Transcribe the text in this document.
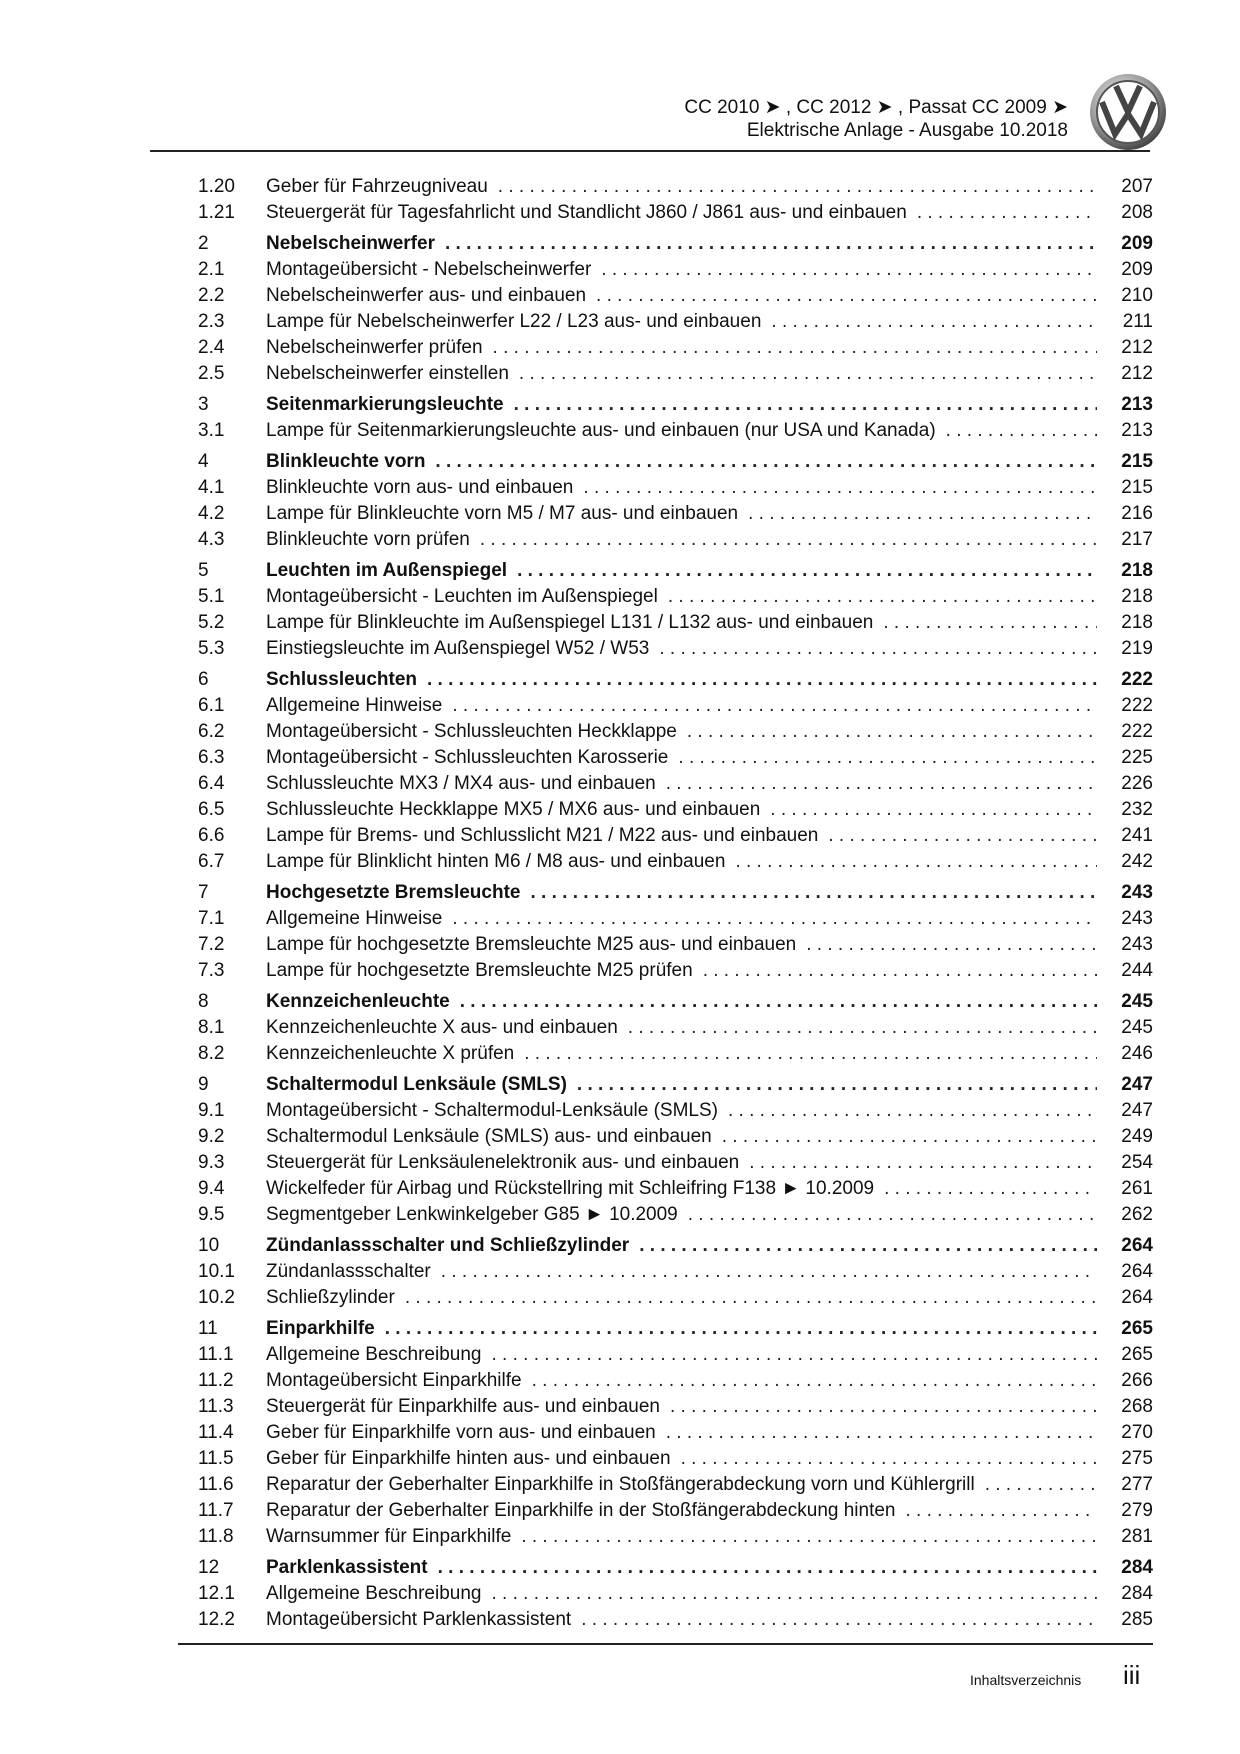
CC 2010 ➤ , CC 2012 ➤ , Passat CC 2009 ➤
Elektrische Anlage - Ausgabe 10.2018
1.20	Geber für Fahrzeugniveau . . .	207
1.21	Steuergerät für Tagesfahrlicht und Standlicht J860 / J861 aus- und einbauen . . .	208
2	Nebelscheinwerfer . . .	209
2.1	Montageübersicht - Nebelscheinwerfer . . .	209
2.2	Nebelscheinwerfer aus- und einbauen . . .	210
2.3	Lampe für Nebelscheinwerfer L22 / L23 aus- und einbauen . . .	211
2.4	Nebelscheinwerfer prüfen . . .	212
2.5	Nebelscheinwerfer einstellen . . .	212
3	Seitenmarkierungsleuchte . . .	213
3.1	Lampe für Seitenmarkierungsleuchte aus- und einbauen (nur USA und Kanada) . . .	213
4	Blinkleuchte vorn . . .	215
4.1	Blinkleuchte vorn aus- und einbauen . . .	215
4.2	Lampe für Blinkleuchte vorn M5 / M7 aus- und einbauen . . .	216
4.3	Blinkleuchte vorn prüfen . . .	217
5	Leuchten im Außenspiegel . . .	218
5.1	Montageübersicht - Leuchten im Außenspiegel . . .	218
5.2	Lampe für Blinkleuchte im Außenspiegel L131 / L132 aus- und einbauen . . .	218
5.3	Einstiegsleuchte im Außenspiegel W52 / W53 . . .	219
6	Schlussleuchten . . .	222
6.1	Allgemeine Hinweise . . .	222
6.2	Montageübersicht - Schlussleuchten Heckklappe . . .	222
6.3	Montageübersicht - Schlussleuchten Karosserie . . .	225
6.4	Schlussleuchte MX3 / MX4 aus- und einbauen . . .	226
6.5	Schlussleuchte Heckklappe MX5 / MX6 aus- und einbauen . . .	232
6.6	Lampe für Brems- und Schlusslicht M21 / M22 aus- und einbauen . . .	241
6.7	Lampe für Blinklicht hinten M6 / M8 aus- und einbauen . . .	242
7	Hochgesetzte Bremsleuchte . . .	243
7.1	Allgemeine Hinweise . . .	243
7.2	Lampe für hochgesetzte Bremsleuchte M25 aus- und einbauen . . .	243
7.3	Lampe für hochgesetzte Bremsleuchte M25 prüfen . . .	244
8	Kennzeichenleuchte . . .	245
8.1	Kennzeichenleuchte X aus- und einbauen . . .	245
8.2	Kennzeichenleuchte X prüfen . . .	246
9	Schaltermodul Lenksäule (SMLS) . . .	247
9.1	Montageübersicht - Schaltermodul-Lenksäule (SMLS) . . .	247
9.2	Schaltermodul Lenksäule (SMLS) aus- und einbauen . . .	249
9.3	Steuergerät für Lenksäulenelektronik aus- und einbauen . . .	254
9.4	Wickelfeder für Airbag und Rückstellring mit Schleifring F138 ► 10.2009 . . .	261
9.5	Segmentgeber Lenkwinkelgeber G85 ► 10.2009 . . .	262
10	Zündanlassschalter und Schließzylinder . . .	264
10.1	Zündanlassschalter . . .	264
10.2	Schließzylinder . . .	264
11	Einparkhilfe . . .	265
11.1	Allgemeine Beschreibung . . .	265
11.2	Montageübersicht Einparkhilfe . . .	266
11.3	Steuergerät für Einparkhilfe aus- und einbauen . . .	268
11.4	Geber für Einparkhilfe vorn aus- und einbauen . . .	270
11.5	Geber für Einparkhilfe hinten aus- und einbauen . . .	275
11.6	Reparatur der Geberhalter Einparkhilfe in Stoßfängerabdeckung vorn und Kühlergrill . . .	277
11.7	Reparatur der Geberhalter Einparkhilfe in der Stoßfängerabdeckung hinten . . .	279
11.8	Warnsummer für Einparkhilfe . . .	281
12	Parklenkassistent . . .	284
12.1	Allgemeine Beschreibung . . .	284
12.2	Montageübersicht Parklenkassistent . . .	285
Inhaltsverzeichnis iii
